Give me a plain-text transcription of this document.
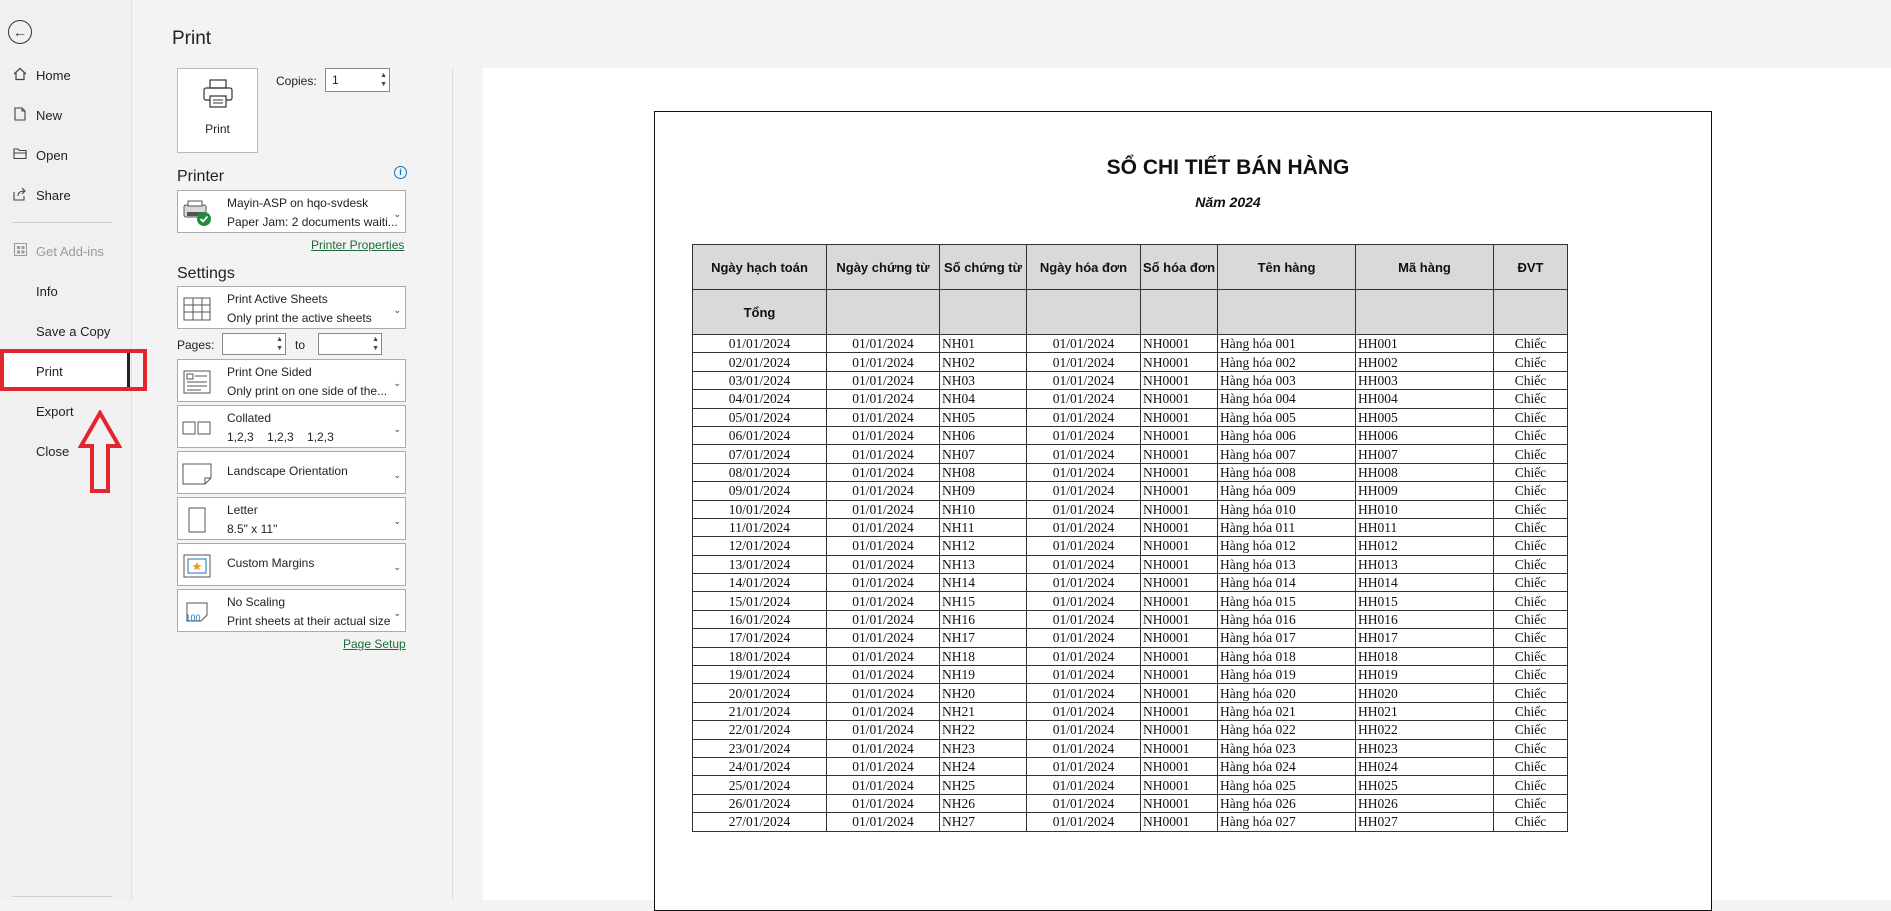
←
Home
New
Open
Share
Get Add-ins
Info
Save a Copy
Print
Export
Close
Print
Print
Copies:	1	▲
▼
Printer	i
Mayin-ASP on hqo-svdesk
Paper Jam: 2 documents waiti...
⌄
Printer Properties
Settings
Print Active Sheets
Only print the active sheets
⌄
Pages:	▲
▼ to	▲
▼
Print One Sided
Only print on one side of the...
⌄
Collated
1,2,3    1,2,3    1,2,3
⌄
Landscape Orientation	⌄
Letter
8.5" x 11"
⌄
Custom Margins	⌄
100
No Scaling
Print sheets at their actual size
⌄
Page Setup
SỔ CHI TIẾT BÁN HÀNG
Năm 2024
Ngày hạch toán	Ngày chứng từ	Số chứng từ	Ngày hóa đơn	Số hóa đơn	Tên hàng	Mã hàng	ĐVT
Tổng							
01/01/2024	01/01/2024	NH01	01/01/2024	NH0001	Hàng hóa 001	HH001	Chiếc
02/01/2024	01/01/2024	NH02	01/01/2024	NH0001	Hàng hóa 002	HH002	Chiếc
03/01/2024	01/01/2024	NH03	01/01/2024	NH0001	Hàng hóa 003	HH003	Chiếc
04/01/2024	01/01/2024	NH04	01/01/2024	NH0001	Hàng hóa 004	HH004	Chiếc
05/01/2024	01/01/2024	NH05	01/01/2024	NH0001	Hàng hóa 005	HH005	Chiếc
06/01/2024	01/01/2024	NH06	01/01/2024	NH0001	Hàng hóa 006	HH006	Chiếc
07/01/2024	01/01/2024	NH07	01/01/2024	NH0001	Hàng hóa 007	HH007	Chiếc
08/01/2024	01/01/2024	NH08	01/01/2024	NH0001	Hàng hóa 008	HH008	Chiếc
09/01/2024	01/01/2024	NH09	01/01/2024	NH0001	Hàng hóa 009	HH009	Chiếc
10/01/2024	01/01/2024	NH10	01/01/2024	NH0001	Hàng hóa 010	HH010	Chiếc
11/01/2024	01/01/2024	NH11	01/01/2024	NH0001	Hàng hóa 011	HH011	Chiếc
12/01/2024	01/01/2024	NH12	01/01/2024	NH0001	Hàng hóa 012	HH012	Chiếc
13/01/2024	01/01/2024	NH13	01/01/2024	NH0001	Hàng hóa 013	HH013	Chiếc
14/01/2024	01/01/2024	NH14	01/01/2024	NH0001	Hàng hóa 014	HH014	Chiếc
15/01/2024	01/01/2024	NH15	01/01/2024	NH0001	Hàng hóa 015	HH015	Chiếc
16/01/2024	01/01/2024	NH16	01/01/2024	NH0001	Hàng hóa 016	HH016	Chiếc
17/01/2024	01/01/2024	NH17	01/01/2024	NH0001	Hàng hóa 017	HH017	Chiếc
18/01/2024	01/01/2024	NH18	01/01/2024	NH0001	Hàng hóa 018	HH018	Chiếc
19/01/2024	01/01/2024	NH19	01/01/2024	NH0001	Hàng hóa 019	HH019	Chiếc
20/01/2024	01/01/2024	NH20	01/01/2024	NH0001	Hàng hóa 020	HH020	Chiếc
21/01/2024	01/01/2024	NH21	01/01/2024	NH0001	Hàng hóa 021	HH021	Chiếc
22/01/2024	01/01/2024	NH22	01/01/2024	NH0001	Hàng hóa 022	HH022	Chiếc
23/01/2024	01/01/2024	NH23	01/01/2024	NH0001	Hàng hóa 023	HH023	Chiếc
24/01/2024	01/01/2024	NH24	01/01/2024	NH0001	Hàng hóa 024	HH024	Chiếc
25/01/2024	01/01/2024	NH25	01/01/2024	NH0001	Hàng hóa 025	HH025	Chiếc
26/01/2024	01/01/2024	NH26	01/01/2024	NH0001	Hàng hóa 026	HH026	Chiếc
27/01/2024	01/01/2024	NH27	01/01/2024	NH0001	Hàng hóa 027	HH027	Chiếc
